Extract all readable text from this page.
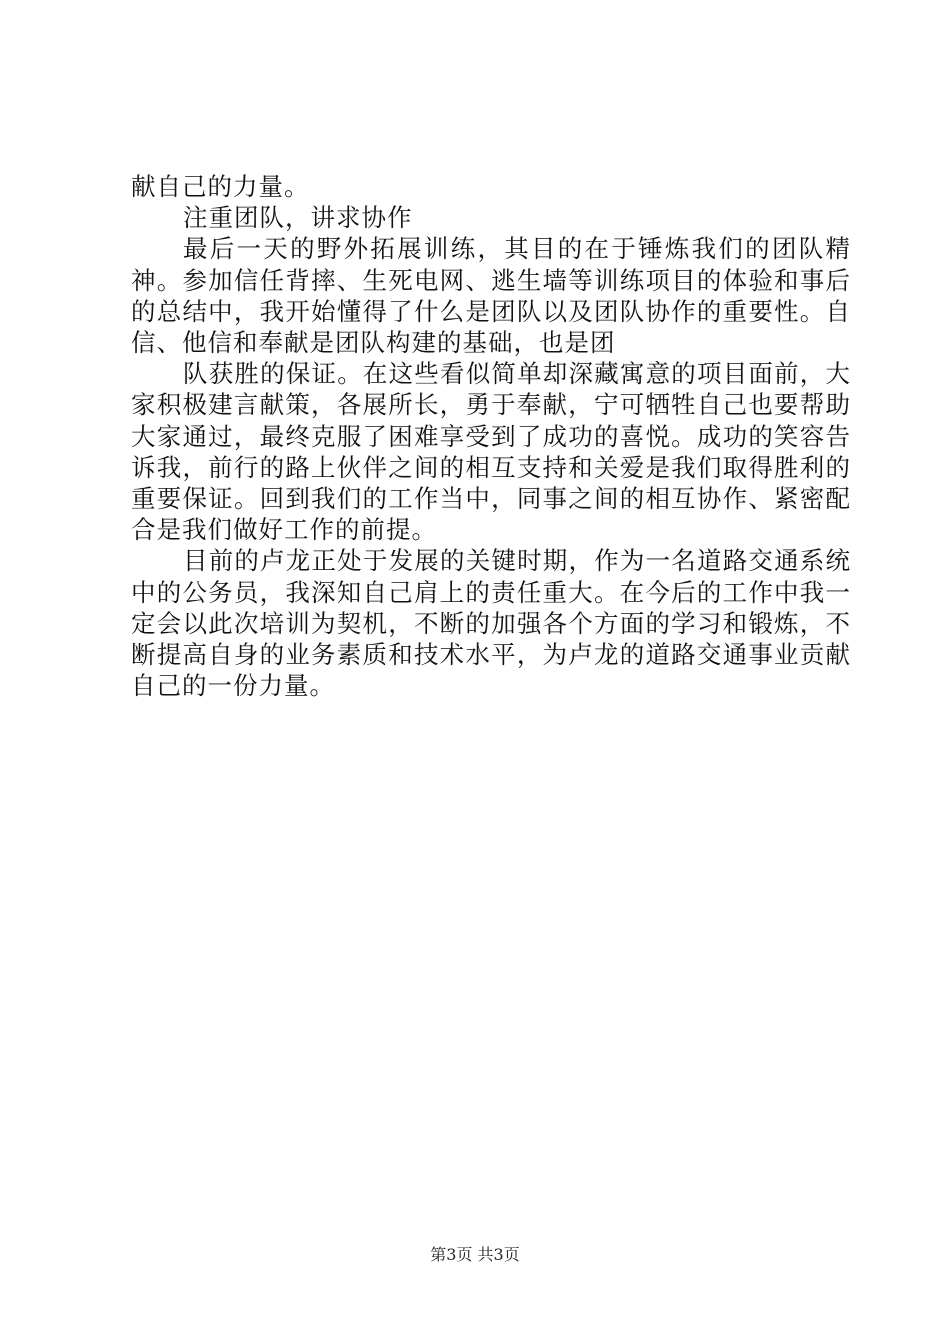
献自己的力量。

注重团队，讲求协作

最后一天的野外拓展训练，其目的在于锤炼我们的团队精神。参加信任背摔、生死电网、逃生墙等训练项目的体验和事后的总结中，我开始懂得了什么是团队以及团队协作的重要性。自信、他信和奉献是团队构建的基础，也是团

队获胜的保证。在这些看似简单却深藏寓意的项目面前，大家积极建言献策，各展所长，勇于奉献，宁可牺牲自己也要帮助大家通过，最终克服了困难享受到了成功的喜悦。成功的笑容告诉我，前行的路上伙伴之间的相互支持和关爱是我们取得胜利的重要保证。回到我们的工作当中，同事之间的相互协作、紧密配合是我们做好工作的前提。

目前的卢龙正处于发展的关键时期，作为一名道路交通系统中的公务员，我深知自己肩上的责任重大。在今后的工作中我一定会以此次培训为契机，不断的加强各个方面的学习和锻炼，不断提高自身的业务素质和技术水平，为卢龙的道路交通事业贡献自己的一份力量。

第3页 共3页
